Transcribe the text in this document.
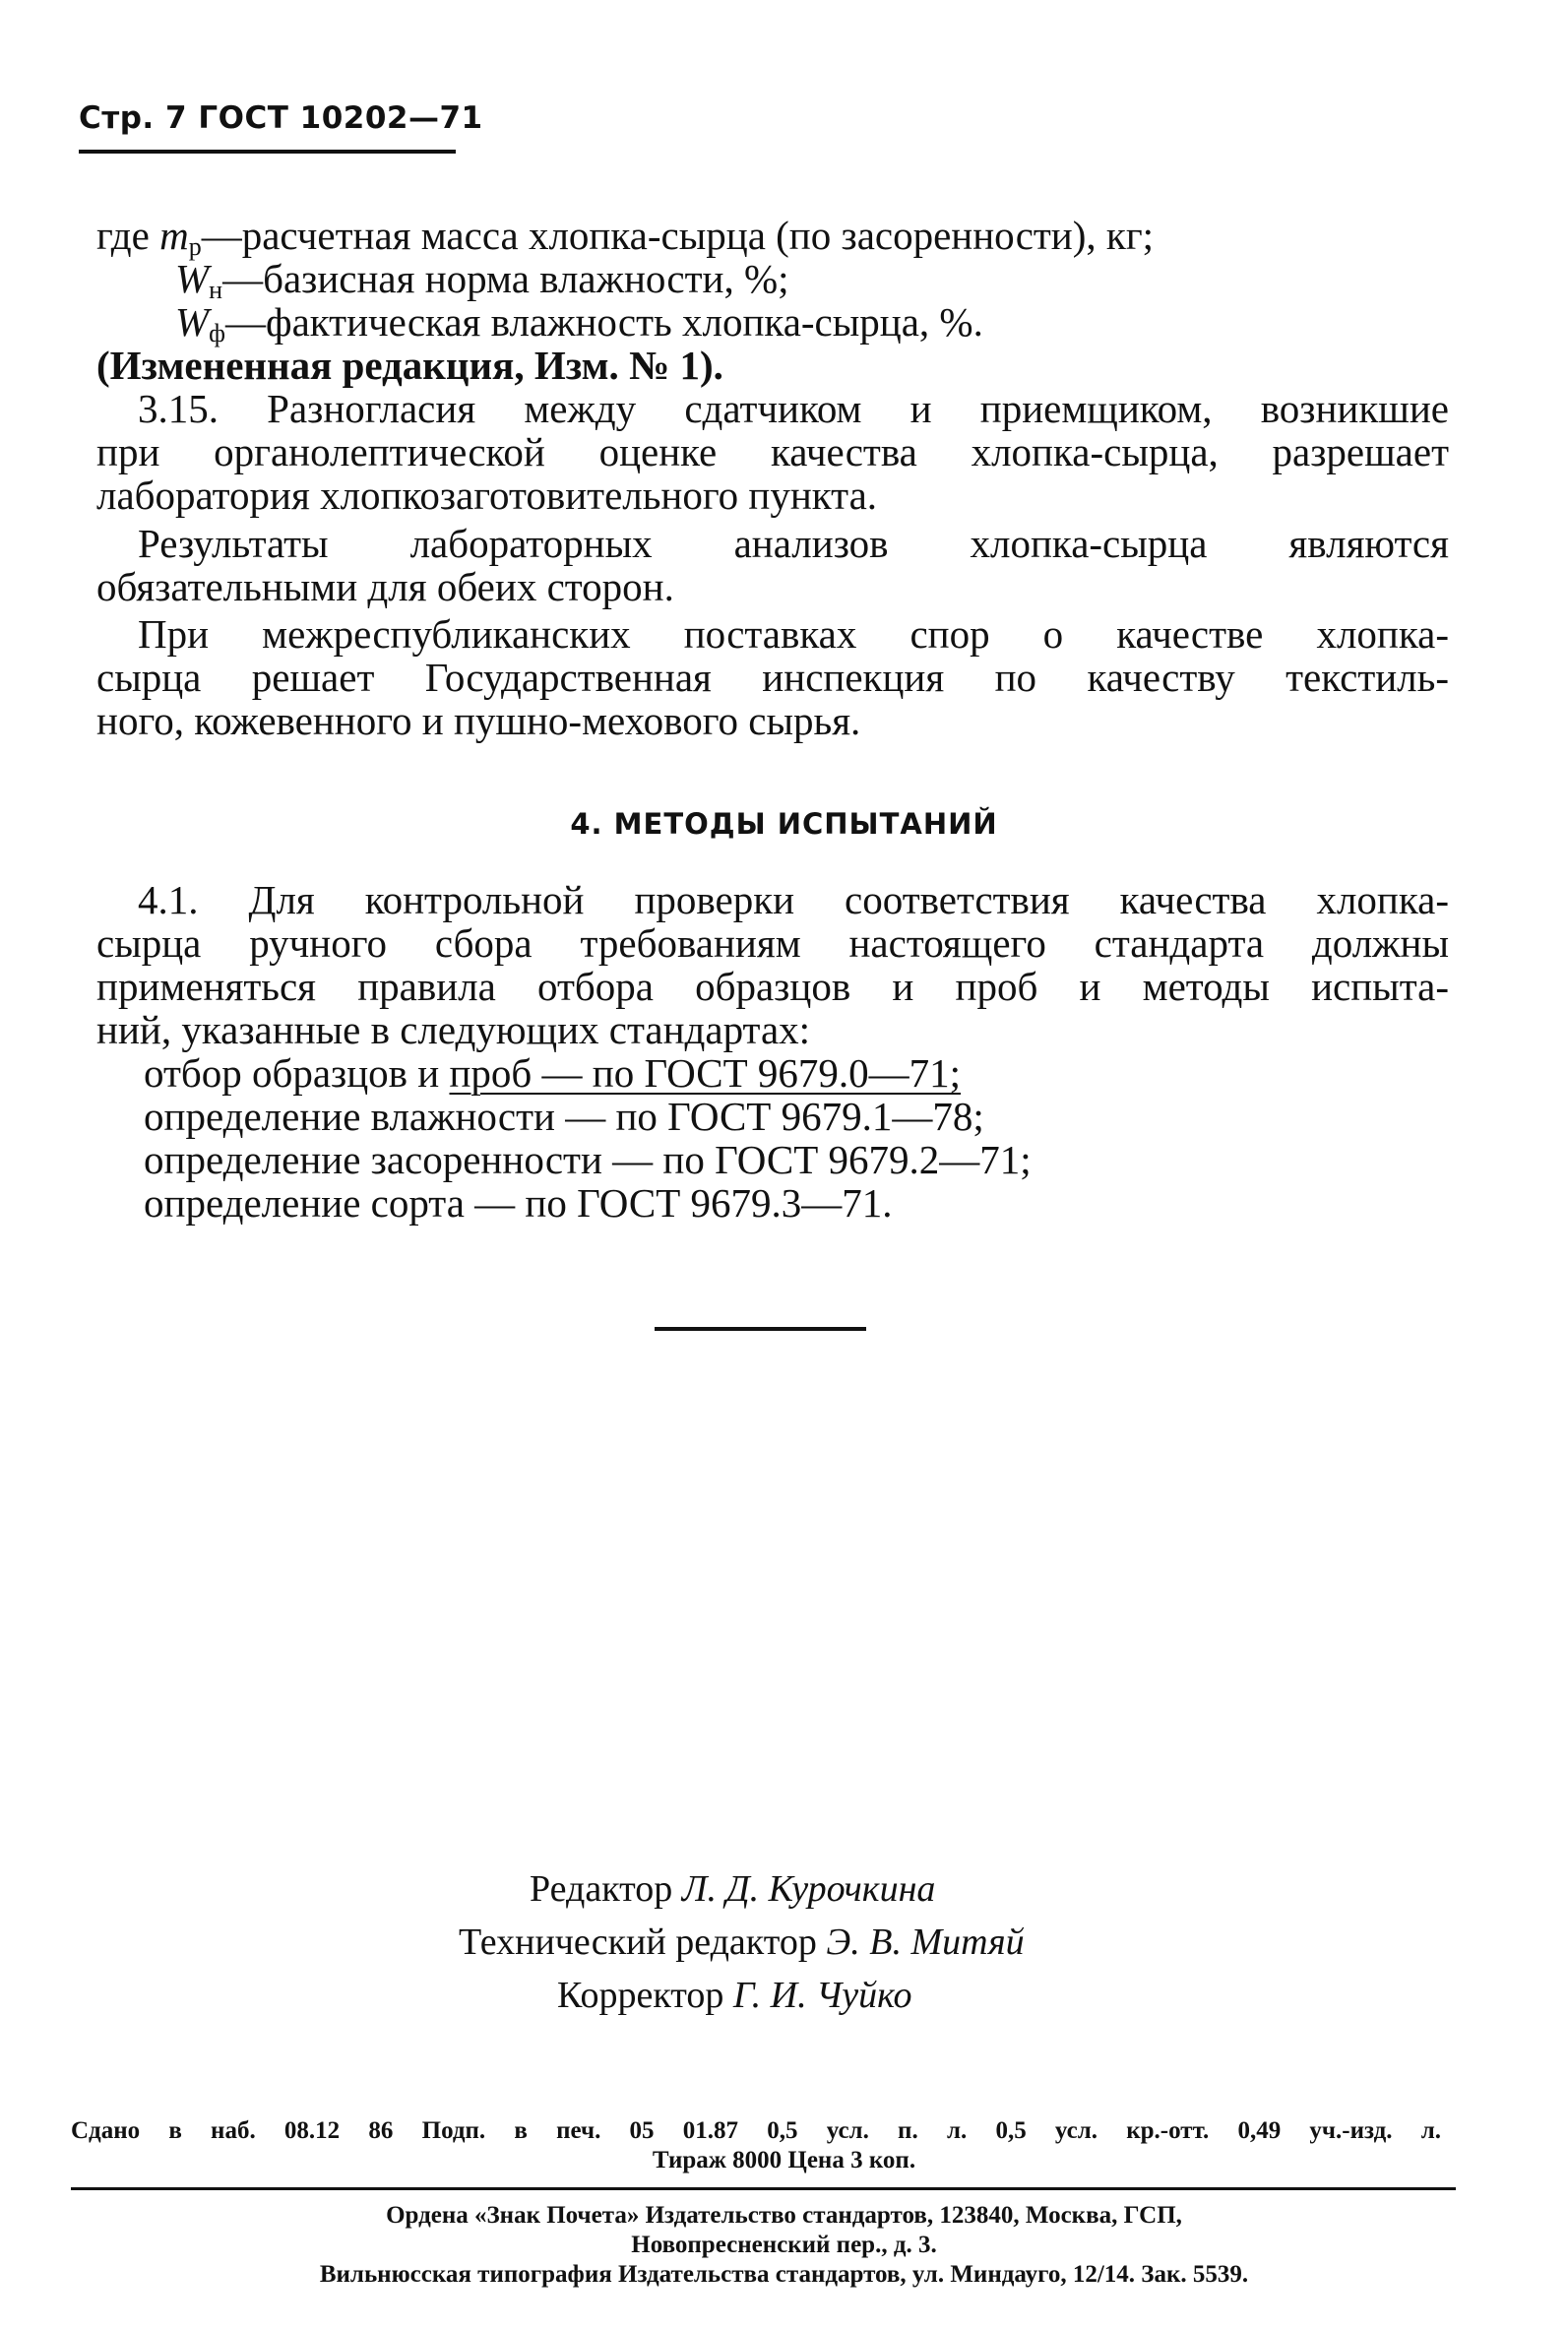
Стр. 7 ГОСТ 10202—71
где $m_р—расчетная$ масса хлопка-сырца (по засоренности), кг;
$W_н—базисная$ норма влажности, %;
$W_ф—фактическая$ влажность хлопка-сырца, %.
(Измененная редакция, Изм. № 1).
3.15. Разногласия между сдатчиком и приемщиком, возникшие
при органолептической оценке качества хлопка-сырца, разрешает
лаборатория хлопкозаготовительного пункта.
Результаты лабораторных анализов хлопка-сырца являются
обязательными для обеих сторон.
При межреспубликанских поставках спор о качестве хлопка-
сырца решает Государственная инспекция по качеству текстиль-
ного, кожевенного и пушно-мехового сырья.
4. МЕТОДЫ ИСПЫТАНИЙ
4.1. Для контрольной проверки соответствия качества хлопка-
сырца ручного сбора требованиям настоящего стандарта должны
применяться правила отбора образцов и проб и методы испыта-
ний, указанные в следующих стандартах:
отбор образцов и проб — по ГОСТ 9679.0—71;
определение влажности — по ГОСТ 9679.1—78;
определение засоренности — по ГОСТ 9679.2—71;
определение сорта — по ГОСТ 9679.3—71.
Редактор Л. Д. Курочкина
Технический редактор Э. В. Митяй
Корректор Г. И. Чуйко
Сдано в наб. 08.12 86 Подп. в печ. 05 01.87 0,5 усл. п. л. 0,5 усл. кр.-отт. 0,49 уч.-изд. л.
Тираж 8000 Цена 3 коп.
Ордена «Знак Почета» Издательство стандартов, 123840, Москва, ГСП,
Новопресненский пер., д. 3.
Вильнюсская типография Издательства стандартов, ул. Миндауго, 12/14. Зак. 5539.
